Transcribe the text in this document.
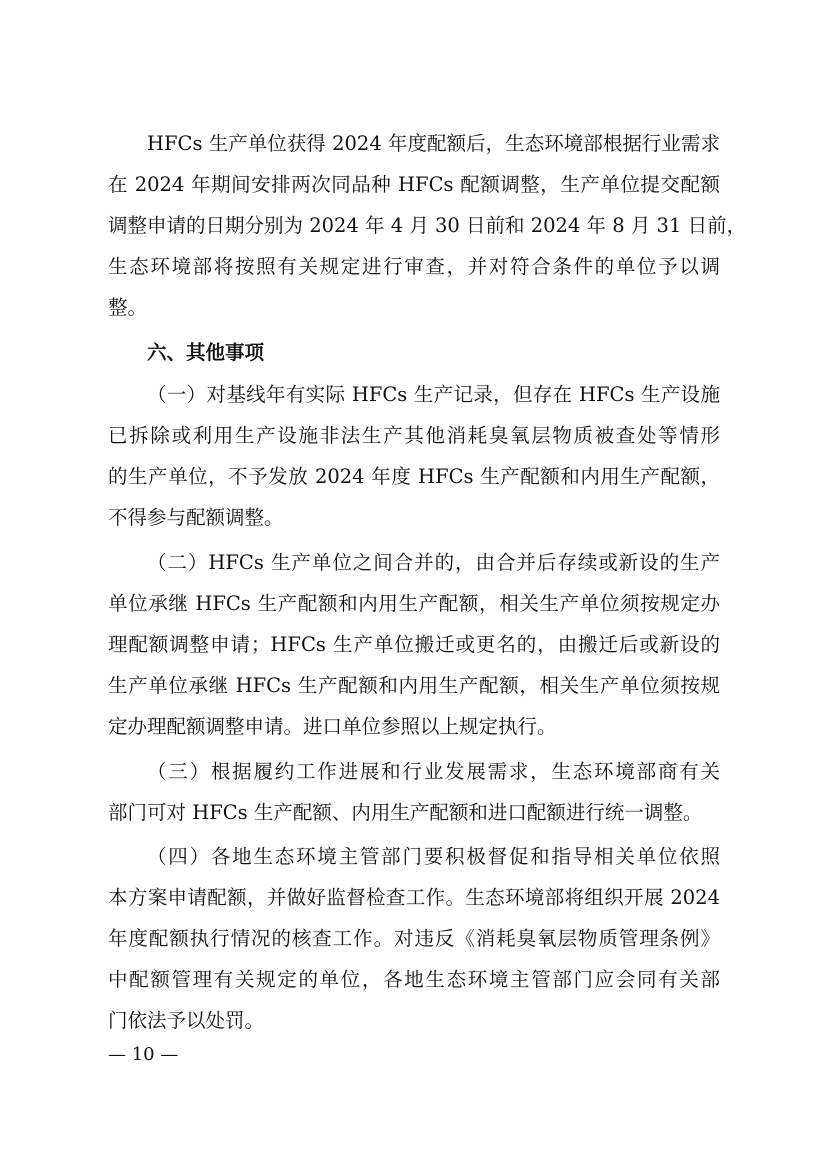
HFCs 生产单位获得 2024 年度配额后，生态环境部根据行业需求
在 2024 年期间安排两次同品种 HFCs 配额调整，生产单位提交配额
调整申请的日期分别为 2024 年 4 月 30 日前和 2024 年 8 月 31 日前，
生态环境部将按照有关规定进行审查，并对符合条件的单位予以调
整。
六、其他事项
（一）对基线年有实际 HFCs 生产记录，但存在 HFCs 生产设施
已拆除或利用生产设施非法生产其他消耗臭氧层物质被查处等情形
的生产单位，不予发放 2024 年度 HFCs 生产配额和内用生产配额，
不得参与配额调整。
（二）HFCs 生产单位之间合并的，由合并后存续或新设的生产
单位承继 HFCs 生产配额和内用生产配额，相关生产单位须按规定办
理配额调整申请；HFCs 生产单位搬迁或更名的，由搬迁后或新设的
生产单位承继 HFCs 生产配额和内用生产配额，相关生产单位须按规
定办理配额调整申请。进口单位参照以上规定执行。
（三）根据履约工作进展和行业发展需求，生态环境部商有关
部门可对 HFCs 生产配额、内用生产配额和进口配额进行统一调整。
（四）各地生态环境主管部门要积极督促和指导相关单位依照
本方案申请配额，并做好监督检查工作。生态环境部将组织开展 2024
年度配额执行情况的核查工作。对违反《消耗臭氧层物质管理条例》
中配额管理有关规定的单位，各地生态环境主管部门应会同有关部
门依法予以处罚。
— 10 —
